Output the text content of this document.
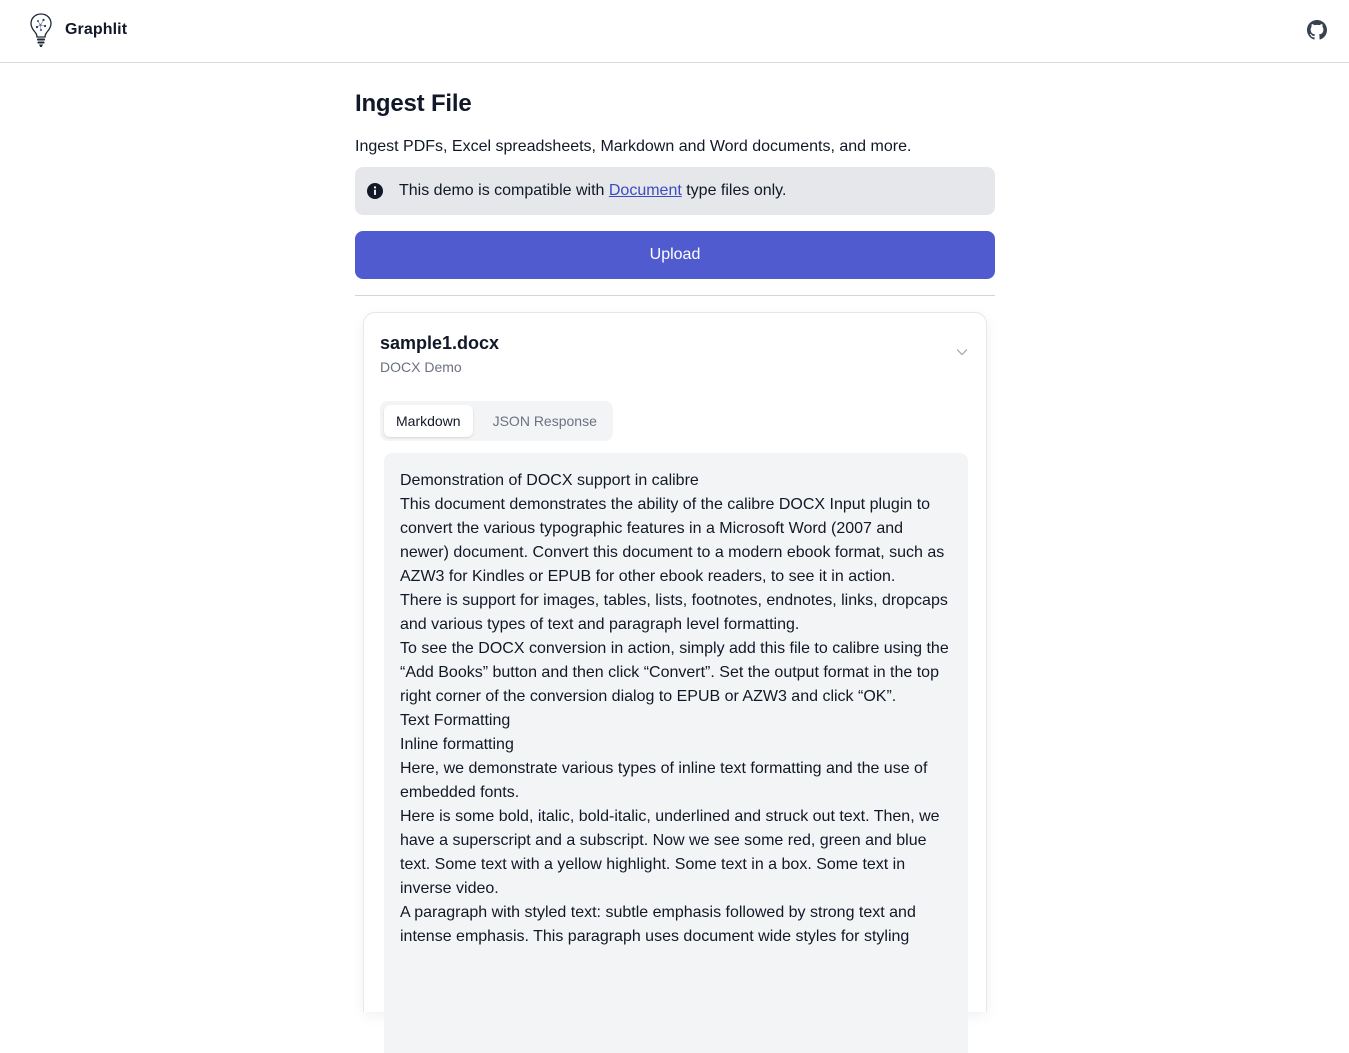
Graphlit
Ingest File
Ingest PDFs, Excel spreadsheets, Markdown and Word documents, and more.
This demo is compatible with Document type files only.
Upload
sample1.docx
DOCX Demo
Markdown	JSON Response

Demonstration of DOCX support in calibre

This document demonstrates the ability of the calibre DOCX Input plugin to convert the various typographic features in a Microsoft Word (2007 and newer) document. Convert this document to a modern ebook format, such as AZW3 for Kindles or EPUB for other ebook readers, to see it in action.

There is support for images, tables, lists, footnotes, endnotes, links, dropcaps and various types of text and paragraph level formatting.

To see the DOCX conversion in action, simply add this file to calibre using the “Add Books” button and then click “Convert”. Set the output format in the top right corner of the conversion dialog to EPUB or AZW3 and click “OK”.

Text Formatting

Inline formatting

Here, we demonstrate various types of inline text formatting and the use of embedded fonts.

Here is some bold, italic, bold-italic, underlined and struck out text. Then, we have a superscript and a subscript. Now we see some red, green and blue text. Some text with a yellow highlight. Some text in a box. Some text in inverse video.

A paragraph with styled text: subtle emphasis followed by strong text and intense emphasis. This paragraph uses document wide styles for styling
